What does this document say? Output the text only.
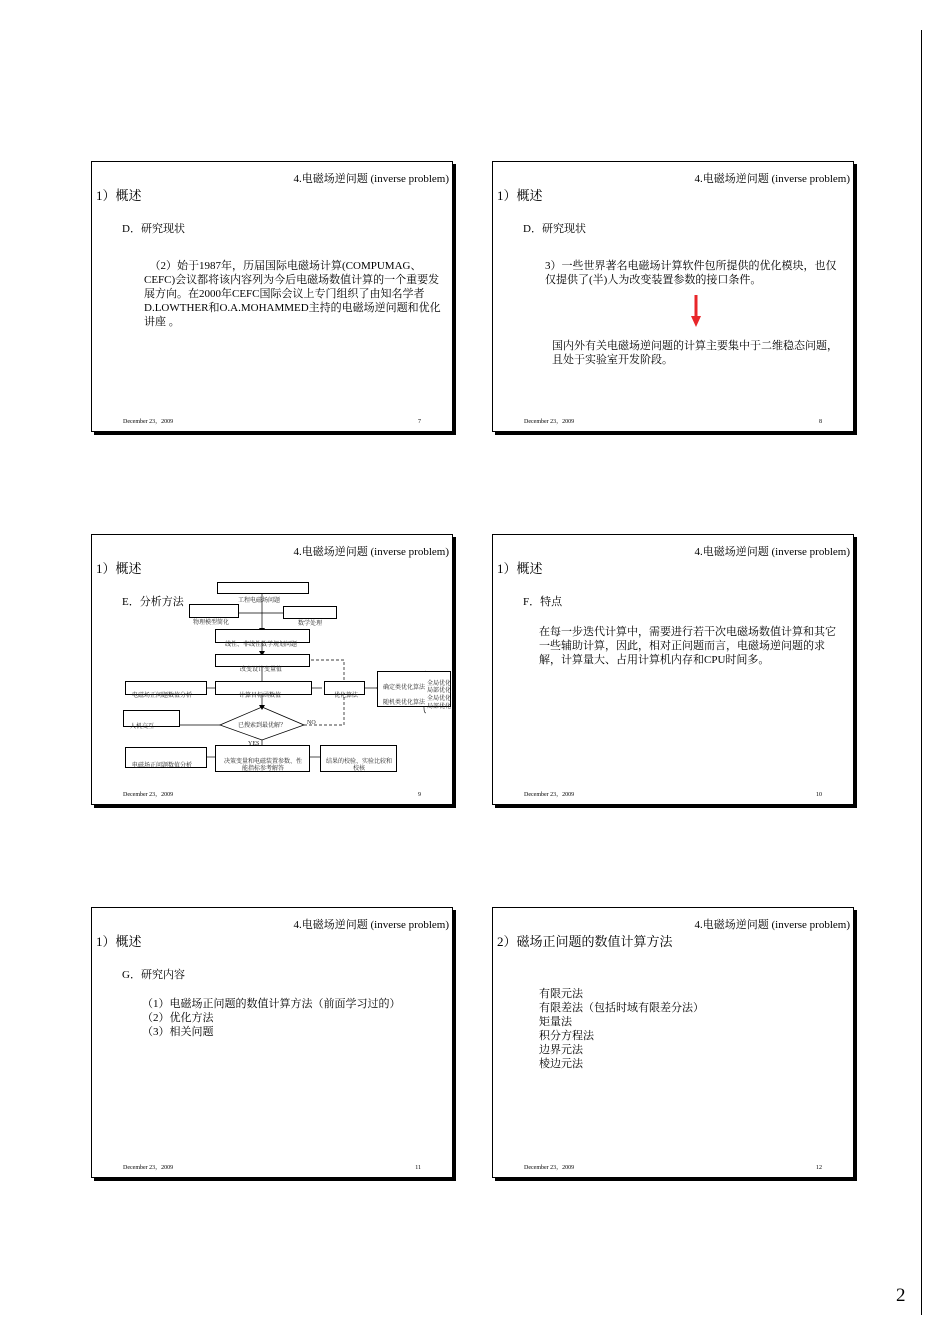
2
4.电磁场逆问题 (inverse problem)
1）概述
D．研究现状

（2）始于1987年，历届国际电磁场计算(COMPUMAG、CEFC)会议都将该内容列为今后电磁场数值计算的一个重要发展方向。在2000年CEFC国际会议上专门组织了由知名学者D.LOWTHER和O.A.MOHAMMED主持的电磁场逆问题和优化讲座 。

December 23，2009	7
4.电磁场逆问题 (inverse problem)
1）概述
D．研究现状

3）一些世界著名电磁场计算软件包所提供的优化模块，也仅仅提供了(半)人为改变装置参数的接口条件。

国内外有关电磁场逆问题的计算主要集中于二维稳态问题，且处于实验室开发阶段。

December 23，2009	8
4.电磁场逆问题 (inverse problem)
1）概述
E．分析方法	工程电磁场问题
物理模型简化	数学处理
线性、非线性数学规划问题
改变设计变量值
电磁场正问题数值分析	计算目标函数值	优化算法
确定类优化算法
随机类优化算法
全局优化
局部优化
全局优化
局部优化
人机交互	已搜索到最优解？	NO
YES
电磁场正问题数值分析
决策变量和电磁装置参数、性能指标参考解答
结果的校验、实验比较和校核
December 23，2009	9
4.电磁场逆问题 (inverse problem)
1）概述
F．特点

在每一步迭代计算中，需要进行若干次电磁场数值计算和其它一些辅助计算，因此，相对正问题而言，电磁场逆问题的求解，计算量大、占用计算机内存和CPU时间多。

December 23，2009	10
4.电磁场逆问题 (inverse problem)
1）概述
G．研究内容

（1）电磁场正问题的数值计算方法（前面学习过的）

（2）优化方法

（3）相关问题

December 23，2009	11
4.电磁场逆问题 (inverse problem)
2）磁场正问题的数值计算方法

有限元法

有限差法（包括时域有限差分法）

矩量法

积分方程法

边界元法

棱边元法

December 23，2009	12
